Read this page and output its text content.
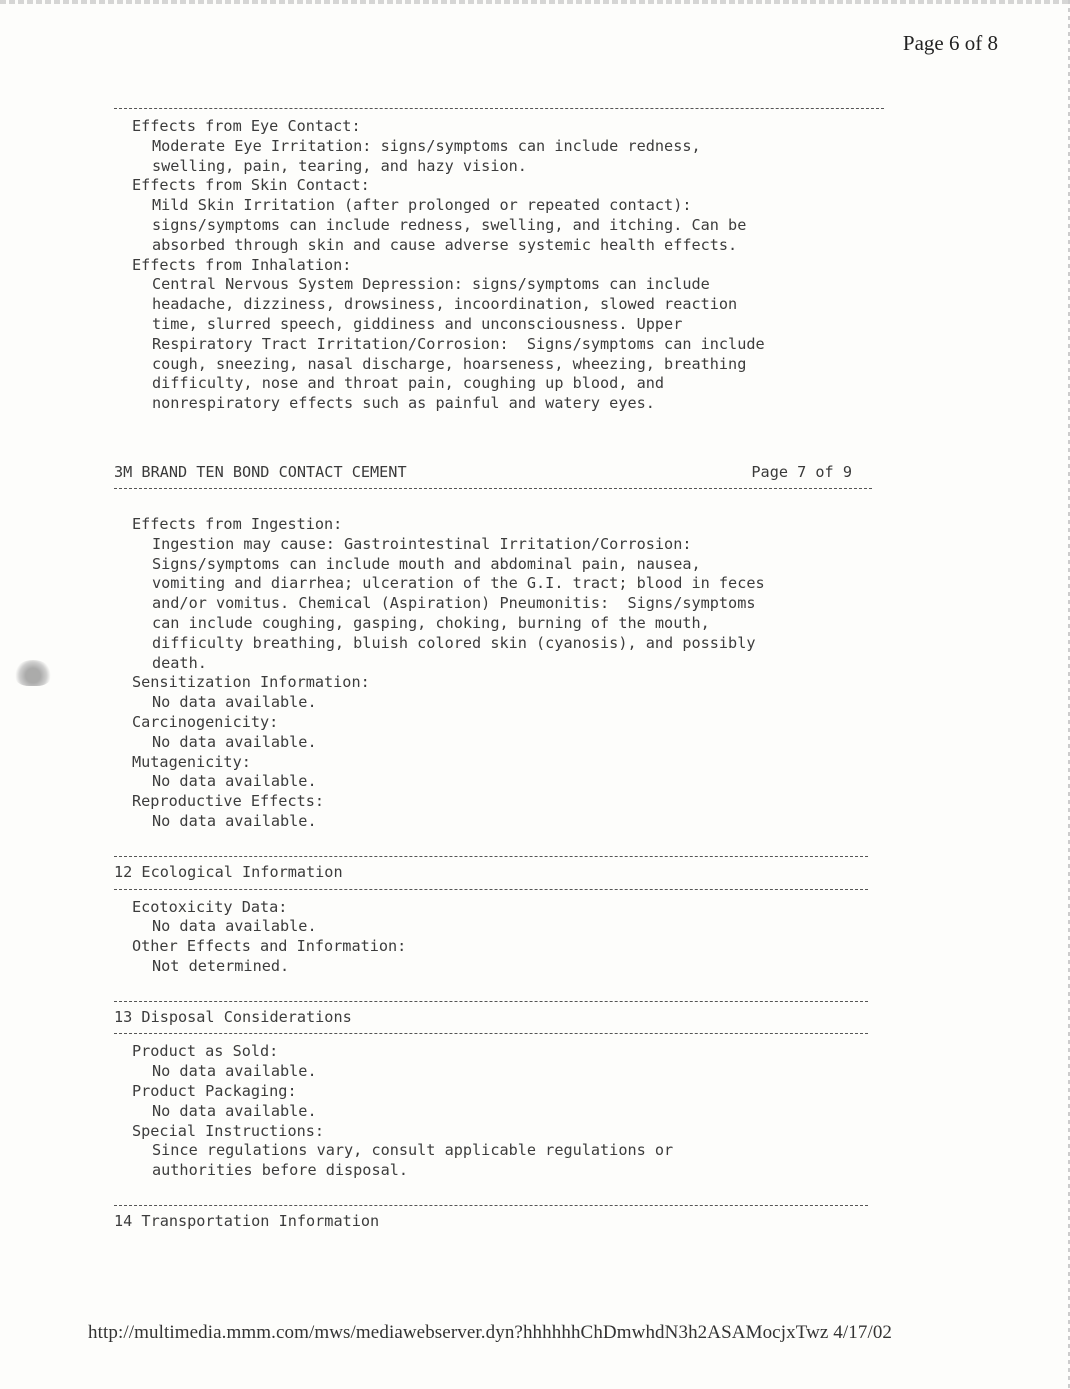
Page 6 of 8
Effects from Eye Contact:
Moderate Eye Irritation: signs/symptoms can include redness,
swelling, pain, tearing, and hazy vision.
Effects from Skin Contact:
Mild Skin Irritation (after prolonged or repeated contact):
signs/symptoms can include redness, swelling, and itching. Can be
absorbed through skin and cause adverse systemic health effects.
Effects from Inhalation:
Central Nervous System Depression: signs/symptoms can include
headache, dizziness, drowsiness, incoordination, slowed reaction
time, slurred speech, giddiness and unconsciousness. Upper
Respiratory Tract Irritation/Corrosion:  Signs/symptoms can include
cough, sneezing, nasal discharge, hoarseness, wheezing, breathing
difficulty, nose and throat pain, coughing up blood, and
nonrespiratory effects such as painful and watery eyes.
3M BRAND TEN BOND CONTACT CEMENT	Page 7 of 9
Effects from Ingestion:
Ingestion may cause: Gastrointestinal Irritation/Corrosion:
Signs/symptoms can include mouth and abdominal pain, nausea,
vomiting and diarrhea; ulceration of the G.I. tract; blood in feces
and/or vomitus. Chemical (Aspiration) Pneumonitis:  Signs/symptoms
can include coughing, gasping, choking, burning of the mouth,
difficulty breathing, bluish colored skin (cyanosis), and possibly
death.
Sensitization Information:
No data available.
Carcinogenicity:
No data available.
Mutagenicity:
No data available.
Reproductive Effects:
No data available.
12 Ecological Information
Ecotoxicity Data:
No data available.
Other Effects and Information:
Not determined.
13 Disposal Considerations
Product as Sold:
No data available.
Product Packaging:
No data available.
Special Instructions:
Since regulations vary, consult applicable regulations or
authorities before disposal.
14 Transportation Information
http://multimedia.mmm.com/mws/mediawebserver.dyn?hhhhhhChDmwhdN3h2ASAMocjxTwz 4/17/02
